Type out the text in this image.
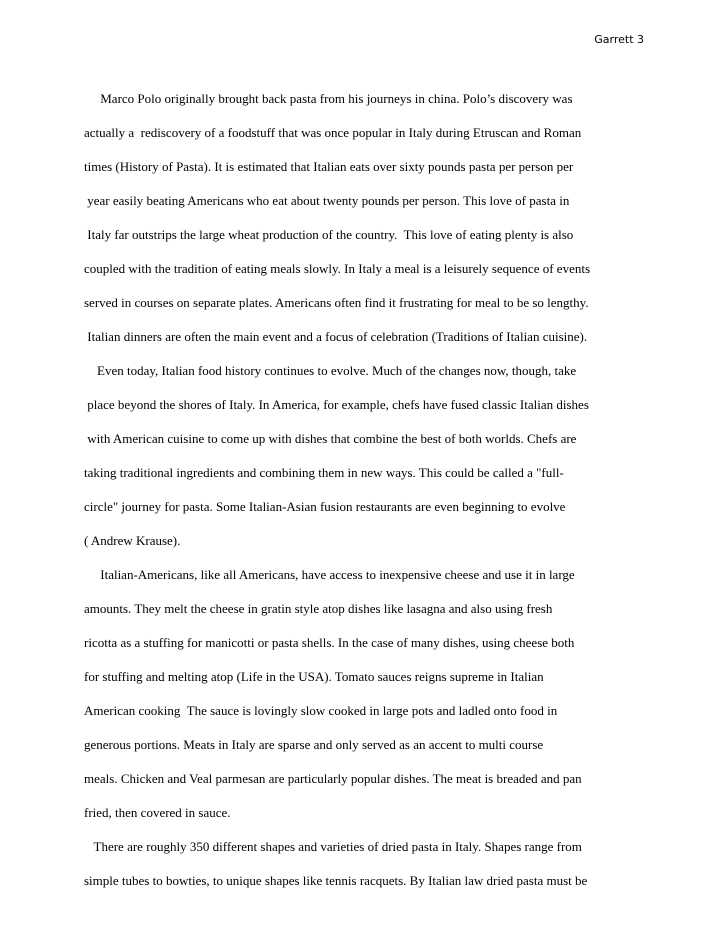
Garrett 3
Marco Polo originally brought back pasta from his journeys in china. Polo’s discovery was
actually a  rediscovery of a foodstuff that was once popular in Italy during Etruscan and Roman
times (History of Pasta). It is estimated that Italian eats over sixty pounds pasta per person per
year easily beating Americans who eat about twenty pounds per person. This love of pasta in
Italy far outstrips the large wheat production of the country.  This love of eating plenty is also
coupled with the tradition of eating meals slowly. In Italy a meal is a leisurely sequence of events
served in courses on separate plates. Americans often find it frustrating for meal to be so lengthy.
Italian dinners are often the main event and a focus of celebration (Traditions of Italian cuisine).
Even today, Italian food history continues to evolve. Much of the changes now, though, take
place beyond the shores of Italy. In America, for example, chefs have fused classic Italian dishes
with American cuisine to come up with dishes that combine the best of both worlds. Chefs are
taking traditional ingredients and combining them in new ways. This could be called a "full-
circle" journey for pasta. Some Italian-Asian fusion restaurants are even beginning to evolve
( Andrew Krause).
Italian-Americans, like all Americans, have access to inexpensive cheese and use it in large
amounts. They melt the cheese in gratin style atop dishes like lasagna and also using fresh
ricotta as a stuffing for manicotti or pasta shells. In the case of many dishes, using cheese both
for stuffing and melting atop (Life in the USA). Tomato sauces reigns supreme in Italian
American cooking  The sauce is lovingly slow cooked in large pots and ladled onto food in
generous portions. Meats in Italy are sparse and only served as an accent to multi course
meals. Chicken and Veal parmesan are particularly popular dishes. The meat is breaded and pan
fried, then covered in sauce.
There are roughly 350 different shapes and varieties of dried pasta in Italy. Shapes range from
simple tubes to bowties, to unique shapes like tennis racquets. By Italian law dried pasta must be
